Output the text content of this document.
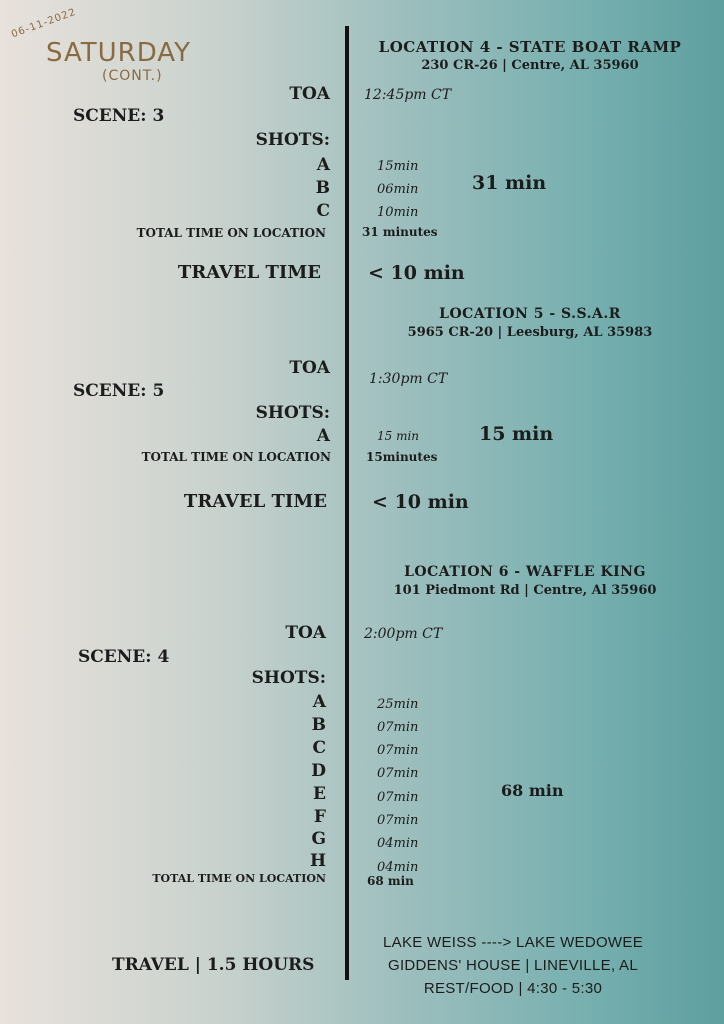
06-11-2022
SATURDAY
(CONT.)
LOCATION 4 - STATE BOAT RAMP
230 CR-26 | Centre, AL 35960
TOA 12:45pm CT
SCENE: 3
SHOTS:
A	15min
B	06min
C	10min
TOTAL TIME ON LOCATION	31 minutes
31 min
TRAVEL TIME < 10 min
LOCATION 5 - S.S.A.R
5965 CR-20 | Leesburg, AL 35983
TOA
1:30pm CT
SCENE: 5
SHOTS:
A	15 min
TOTAL TIME ON LOCATION	15minutes
15 min
TRAVEL TIME < 10 min
LOCATION 6 - WAFFLE KING
101 Piedmont Rd | Centre, Al 35960
TOA	2:00pm CT
SCENE: 4
SHOTS:
A	25min
B	07min
C	07min
D	07min
E	07min
F	07min
G	04min
H	04min
TOTAL TIME ON LOCATION	68 min
68 min
TRAVEL | 1.5 HOURS
LAKE WEISS ----> LAKE WEDOWEE
GIDDENS' HOUSE | LINEVILLE, AL
REST/FOOD | 4:30 - 5:30
